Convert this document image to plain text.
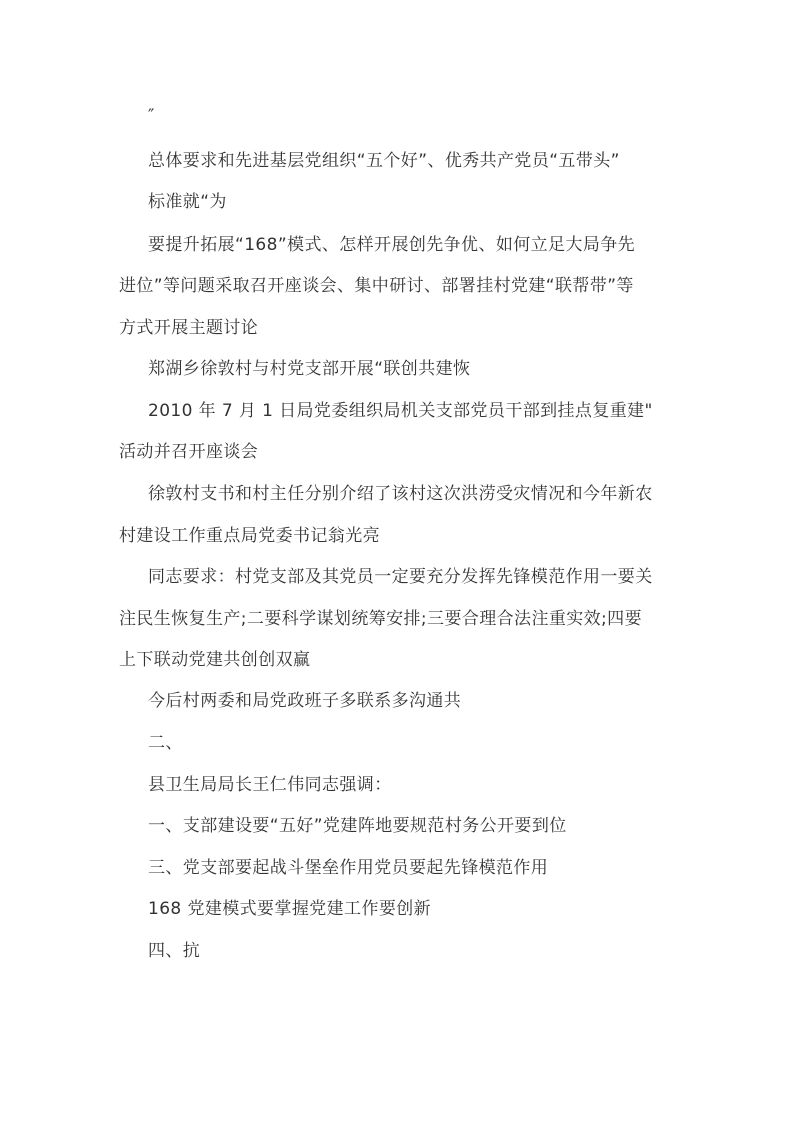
″
总体要求和先进基层党组织“五个好”、优秀共产党员“五带头”
标准就“为
要提升拓展“168”模式、怎样开展创先争优、如何立足大局争先
进位”等问题采取召开座谈会、集中研讨、部署挂村党建“联帮带”等
方式开展主题讨论
郑湖乡徐敦村与村党支部开展“联创共建恢
2010 年 7 月 1 日局党委组织局机关支部党员干部到挂点复重建"
活动并召开座谈会
徐敦村支书和村主任分别介绍了该村这次洪涝受灾情况和今年新农
村建设工作重点局党委书记翁光亮
同志要求：村党支部及其党员一定要充分发挥先锋模范作用一要关
注民生恢复生产;二要科学谋划统筹安排;三要合理合法注重实效;四要
上下联动党建共创创双赢
今后村两委和局党政班子多联系多沟通共
二、
县卫生局局长王仁伟同志强调：
一、支部建设要“五好”党建阵地要规范村务公开要到位
三、党支部要起战斗堡垒作用党员要起先锋模范作用
168 党建模式要掌握党建工作要创新
四、抗
